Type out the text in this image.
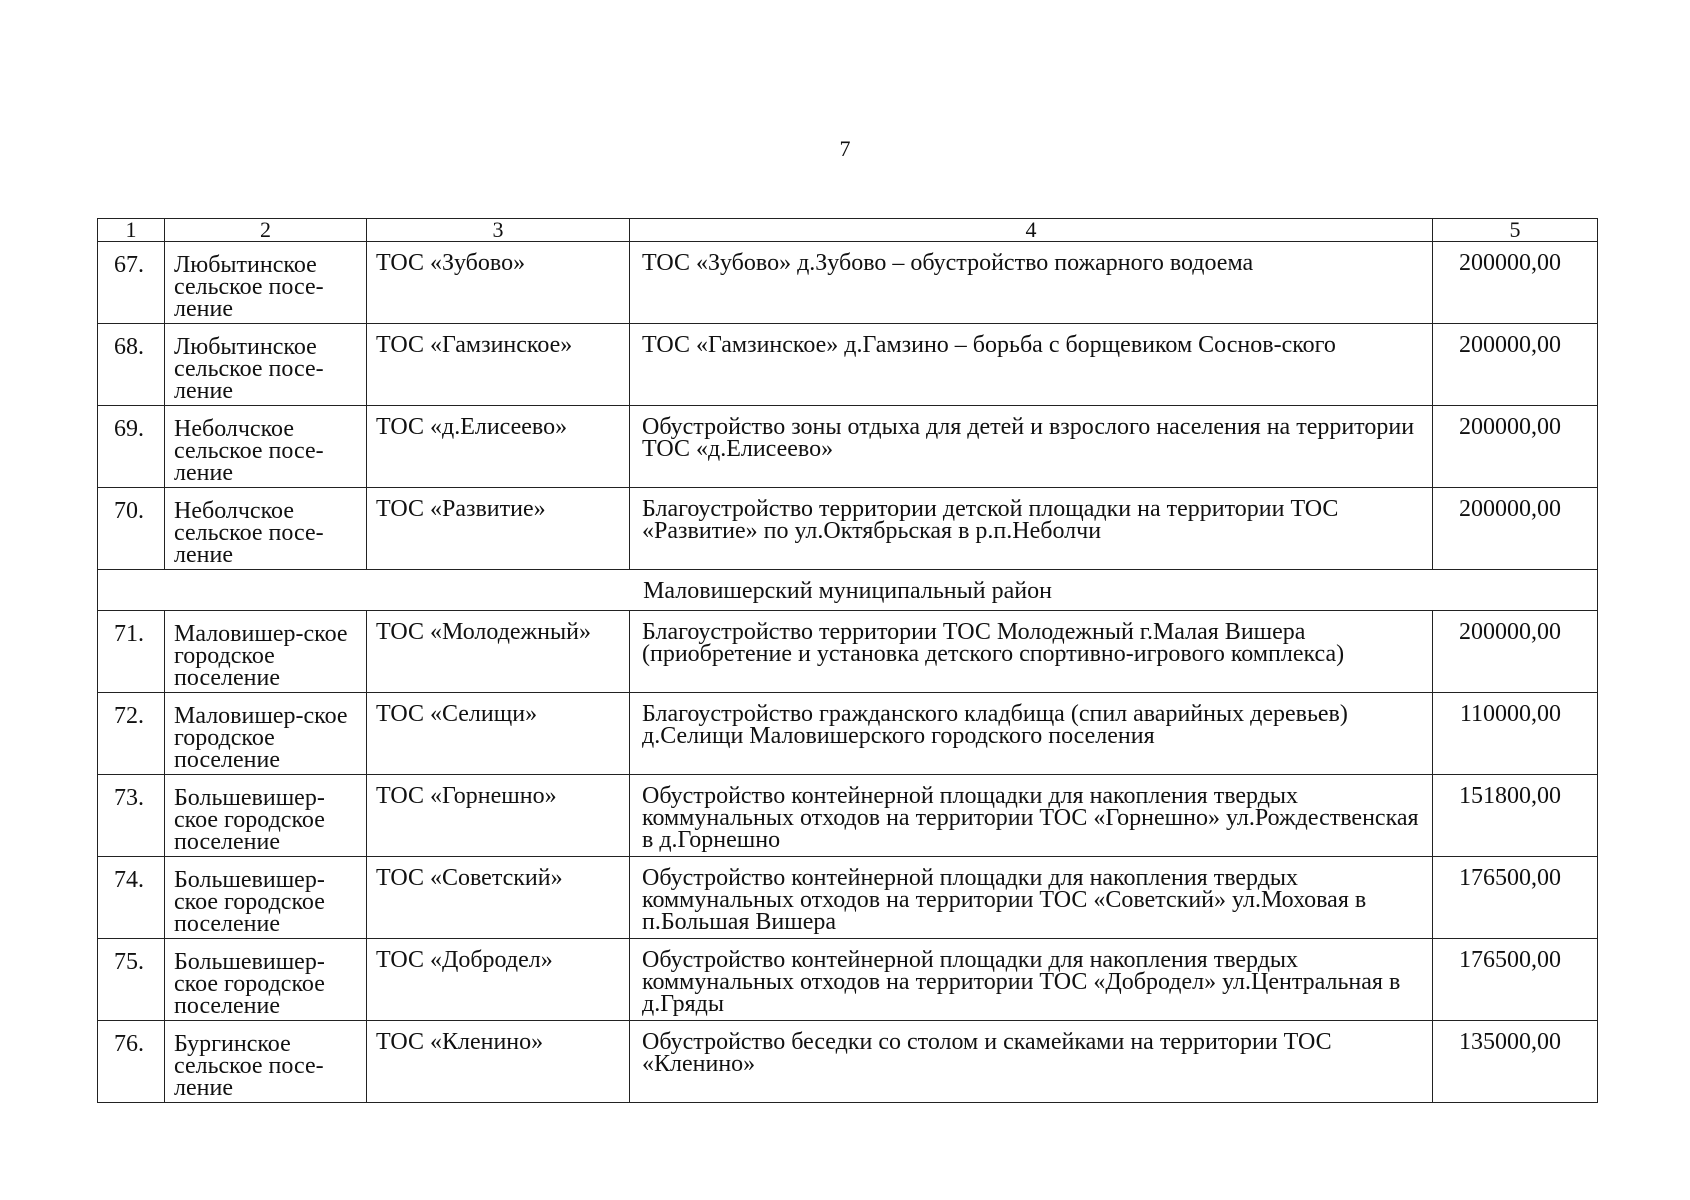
7
1	2	3	4	5
67.	Любытинское сельское посе-ление	ТОС «Зубово»	ТОС «Зубово» д.Зубово – обустройство пожарного водоема	200000,00
68.	Любытинское сельское посе-ление	ТОС «Гамзинское»	ТОС «Гамзинское» д.Гамзино – борьба с борщевиком Соснов-ского	200000,00
69.	Неболчское сельское посе-ление	ТОС «д.Елисеево»	Обустройство зоны отдыха для детей и взрослого населения на территории ТОС «д.Елисеево»	200000,00
70.	Неболчское сельское посе-ление	ТОС «Развитие»	Благоустройство территории детской площадки на территории ТОС «Развитие» по ул.Октябрьская в р.п.Неболчи	200000,00
Маловишерский муниципальный район				
71.	Маловишер-ское городское поселение	ТОС «Молодежный»	Благоустройство территории ТОС Молодежный г.Малая Вишера (приобретение и установка детского спортивно-игрового комплекса)	200000,00
72.	Маловишер-ское городское поселение	ТОС «Селищи»	Благоустройство гражданского кладбища (спил аварийных деревьев) д.Селищи Маловишерского городского поселения	110000,00
73.	Большевишер-ское городское поселение	ТОС «Горнешно»	Обустройство контейнерной площадки для накопления твердых коммунальных отходов на территории ТОС «Горнешно» ул.Рождественская в д.Горнешно	151800,00
74.	Большевишер-ское городское поселение	ТОС «Советский»	Обустройство контейнерной площадки для накопления твердых коммунальных отходов на территории ТОС «Советский» ул.Моховая в п.Большая Вишера	176500,00
75.	Большевишер-ское городское поселение	ТОС «Добродел»	Обустройство контейнерной площадки для накопления твердых коммунальных отходов на территории ТОС «Добродел» ул.Центральная в д.Гряды	176500,00
76.	Бургинское сельское посе-ление	ТОС «Кленино»	Обустройство беседки со столом и скамейками на территории ТОС «Кленино»	135000,00
